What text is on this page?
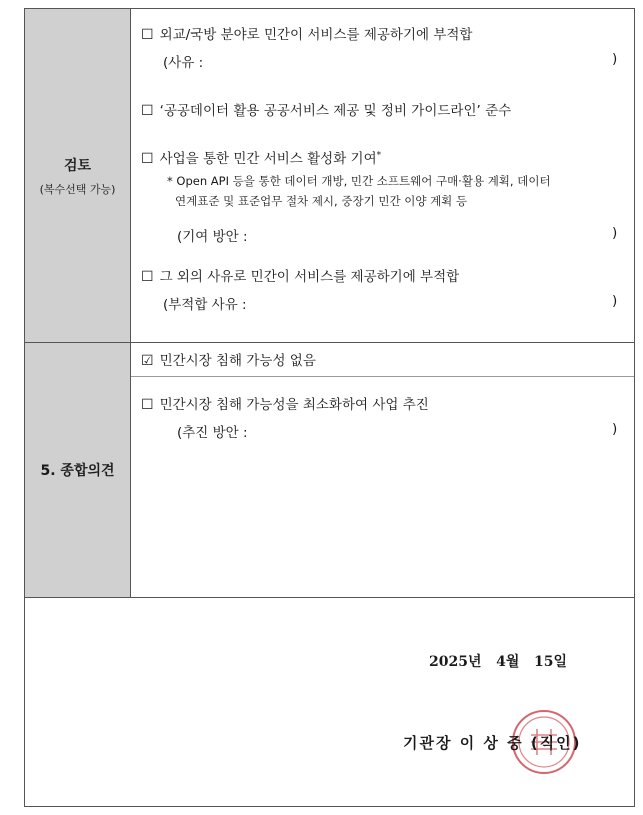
검토
(복수선택 가능)
☐ 외교/국방 분야로 민간이 서비스를 제공하기에 부적합
(사유 :	)
☐ ‘공공데이터 활용 공공서비스 제공 및 정비 가이드라인’ 준수
☐ 사업을 통한 민간 서비스 활성화 기여*
* Open API 등을 통한 데이터 개방, 민간 소프트웨어 구매·활용 계획, 데이터
연계표준 및 표준업무 절차 제시, 중장기 민간 이양 계획 등
(기여 방안 :	)
☐ 그 외의 사유로 민간이 서비스를 제공하기에 부적합
(부적합 사유 :	)
5. 종합의견
☑ 민간시장 침해 가능성 없음
☐ 민간시장 침해 가능성을 최소화하여 사업 추진
(추진 방안 :	)
2025년   4월   15일
기관장 이 상 중 (직인)
